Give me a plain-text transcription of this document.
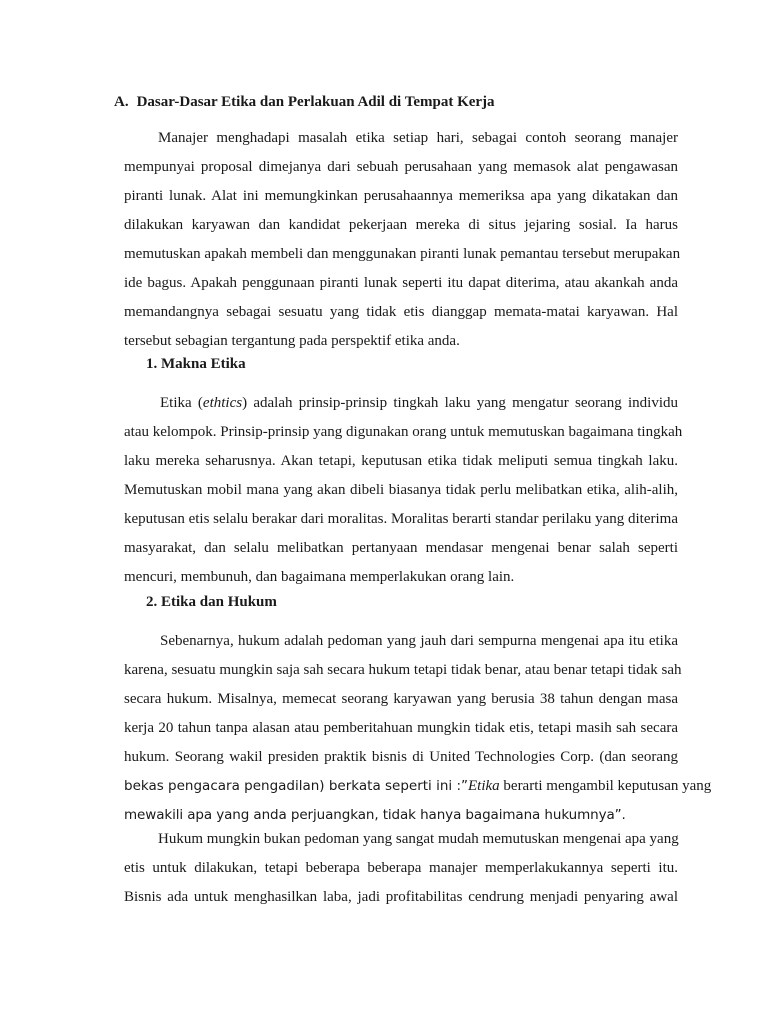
A. Dasar-Dasar Etika dan Perlakuan Adil di Tempat Kerja
Manajer menghadapi masalah etika setiap hari, sebagai contoh seorang manajer
mempunyai proposal dimejanya dari sebuah perusahaan yang memasok alat pengawasan
piranti lunak. Alat ini memungkinkan perusahaannya memeriksa apa yang dikatakan dan
dilakukan karyawan dan kandidat pekerjaan mereka di situs jejaring sosial. Ia harus
memutuskan apakah membeli dan menggunakan piranti lunak pemantau tersebut merupakan
ide bagus. Apakah penggunaan piranti lunak seperti itu dapat diterima, atau akankah anda
memandangnya sebagai sesuatu yang tidak etis dianggap memata-matai karyawan. Hal
tersebut sebagian tergantung pada perspektif etika anda.
1. Makna Etika
Etika (ethtics) adalah prinsip-prinsip tingkah laku yang mengatur seorang individu
atau kelompok. Prinsip-prinsip yang digunakan orang untuk memutuskan bagaimana tingkah
laku mereka seharusnya. Akan tetapi, keputusan etika tidak meliputi semua tingkah laku.
Memutuskan mobil mana yang akan dibeli biasanya tidak perlu melibatkan etika, alih-alih,
keputusan etis selalu berakar dari moralitas. Moralitas berarti standar perilaku yang diterima
masyarakat, dan selalu melibatkan pertanyaan mendasar mengenai benar salah seperti
mencuri, membunuh, dan bagaimana memperlakukan orang lain.
2. Etika dan Hukum
Sebenarnya, hukum adalah pedoman yang jauh dari sempurna mengenai apa itu etika
karena, sesuatu mungkin saja sah secara hukum tetapi tidak benar, atau benar tetapi tidak sah
secara hukum. Misalnya, memecat seorang karyawan yang berusia 38 tahun dengan masa
kerja 20 tahun tanpa alasan atau pemberitahuan mungkin tidak etis, tetapi masih sah secara
hukum. Seorang wakil presiden praktik bisnis di United Technologies Corp. (dan seorang
bekas pengacara pengadilan) berkata seperti ini :”Etika berarti mengambil keputusan yang
mewakili apa yang anda perjuangkan, tidak hanya bagaimana hukumnya”.
Hukum mungkin bukan pedoman yang sangat mudah memutuskan mengenai apa yang
etis untuk dilakukan, tetapi beberapa beberapa manajer memperlakukannya seperti itu.
Bisnis ada untuk menghasilkan laba, jadi profitabilitas cendrung menjadi penyaring awal
